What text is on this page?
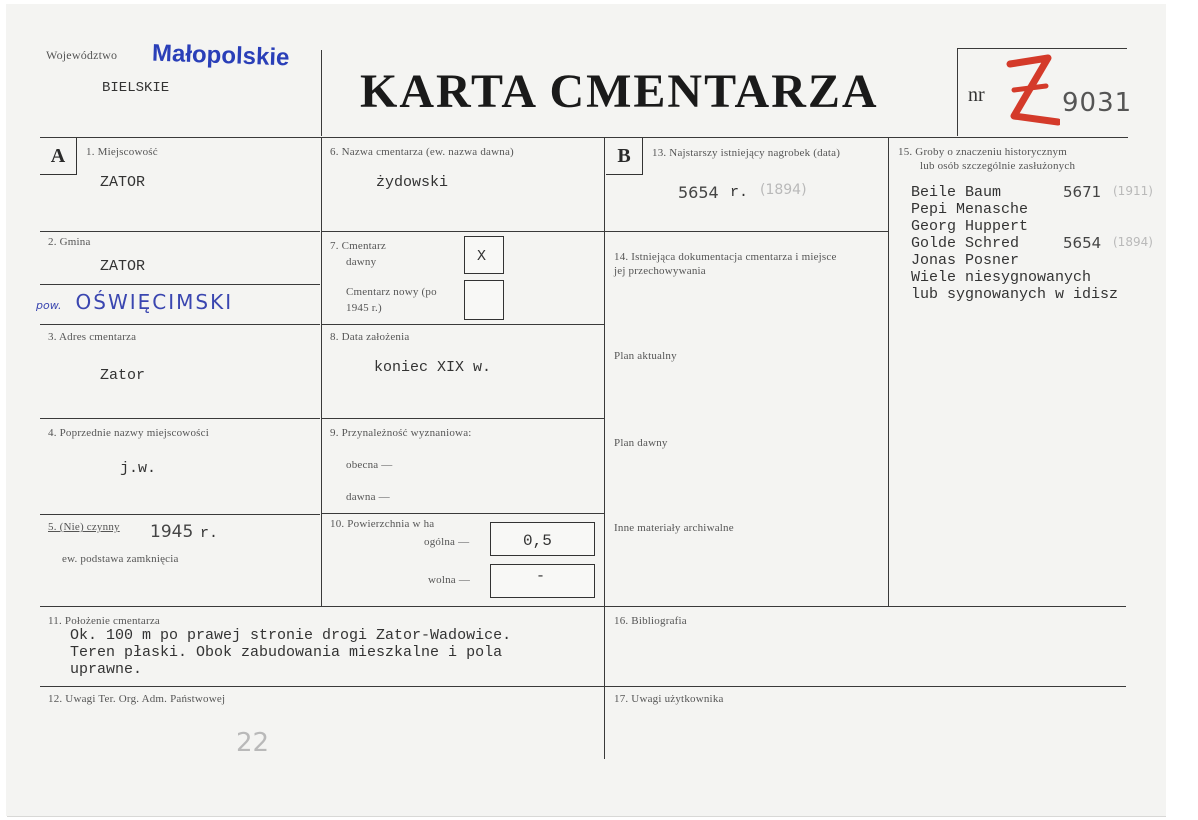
Województwo
BIELSKIE
Małopolskie
KARTA CMENTARZA	nr	9031
A	1. Miejscowość
ZATOR
2. Gmina
ZATOR
pow. OŚWIĘCIMSKI
3. Adres cmentarza
Zator
4. Poprzednie nazwy miejscowości
j.w.
5. (Nie) czynny 1945 r.
ew. podstawa zamknięcia
6. Nazwa cmentarza (ew. nazwa dawna)
żydowski
7. Cmentarz
dawny	X
Cmentarz nowy (po 1945 r.)
8. Data założenia
koniec XIX w.
9. Przynależność wyznaniowa:
obecna —
dawna —
10. Powierzchnia w ha
ogólna —	0,5
wolna —	-
B	13. Najstarszy istniejący nagrobek (data)
5654 r. (1894)
14. Istniejąca dokumentacja cmentarza i miejsce jej przechowywania
Plan aktualny
Plan dawny
Inne materiały archiwalne
15. Groby o znaczeniu historycznym
lub osób szczególnie zasłużonych
Beile Baum	5671 (1911)
Pepi Menasche
Georg Huppert
Golde Schred	5654 (1894)
Jonas Posner
Wiele niesygnowanych
lub sygnowanych w idisz
11. Położenie cmentarza
Ok. 100 m po prawej stronie drogi Zator-Wadowice.
Teren płaski. Obok zabudowania mieszkalne i pola
uprawne.
12. Uwagi Ter. Org. Adm. Państwowej
22
16. Bibliografia
17. Uwagi użytkownika
